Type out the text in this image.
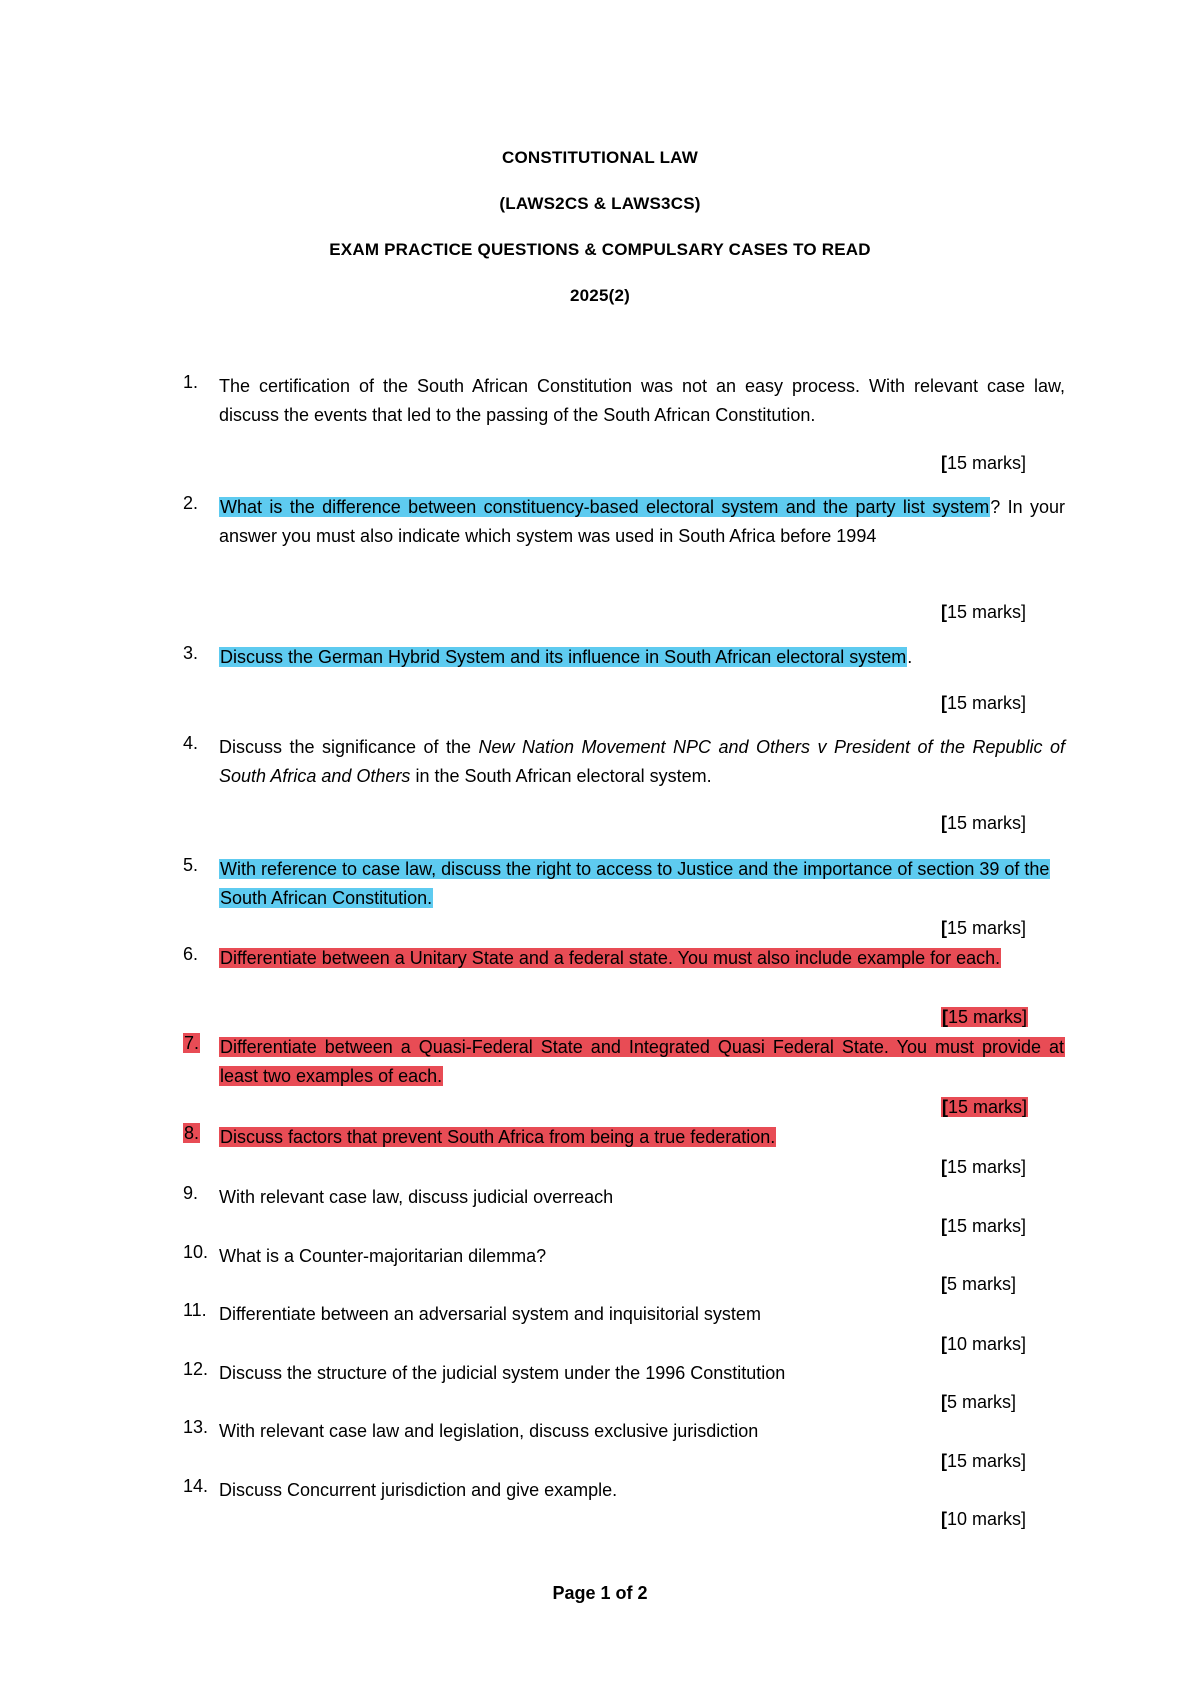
CONSTITUTIONAL LAW
(LAWS2CS & LAWS3CS)
EXAM PRACTICE QUESTIONS & COMPULSARY CASES TO READ
2025(2)
1.	The certification of the South African Constitution was not an easy process. With relevant case law, discuss the events that led to the passing of the South African Constitution.
[15 marks]
2.	What is the difference between constituency-based electoral system and the party list system? In your answer you must also indicate which system was used in South Africa before 1994
[15 marks]
3.	Discuss the German Hybrid System and its influence in South African electoral system.
[15 marks]
4.	Discuss the significance of the New Nation Movement NPC and Others v President of the Republic of South Africa and Others in the South African electoral system.
[15 marks]
5.	With reference to case law, discuss the right to access to Justice and the importance of section 39 of the South African Constitution.
[15 marks]
6.	Differentiate between a Unitary State and a federal state. You must also include example for each.
[15 marks]
7.	Differentiate between a Quasi-Federal State and Integrated Quasi Federal State. You must provide at least two examples of each.
[15 marks]
8.	Discuss factors that prevent South Africa from being a true federation.
[15 marks]
9.	With relevant case law, discuss judicial overreach
[15 marks]
10. What is a Counter-majoritarian dilemma?
[5 marks]
11. Differentiate between an adversarial system and inquisitorial system
[10 marks]
12. Discuss the structure of the judicial system under the 1996 Constitution
[5 marks]
13. With relevant case law and legislation, discuss exclusive jurisdiction
[15 marks]
14. Discuss Concurrent jurisdiction and give example.
[10 marks]
Page 1 of 2
